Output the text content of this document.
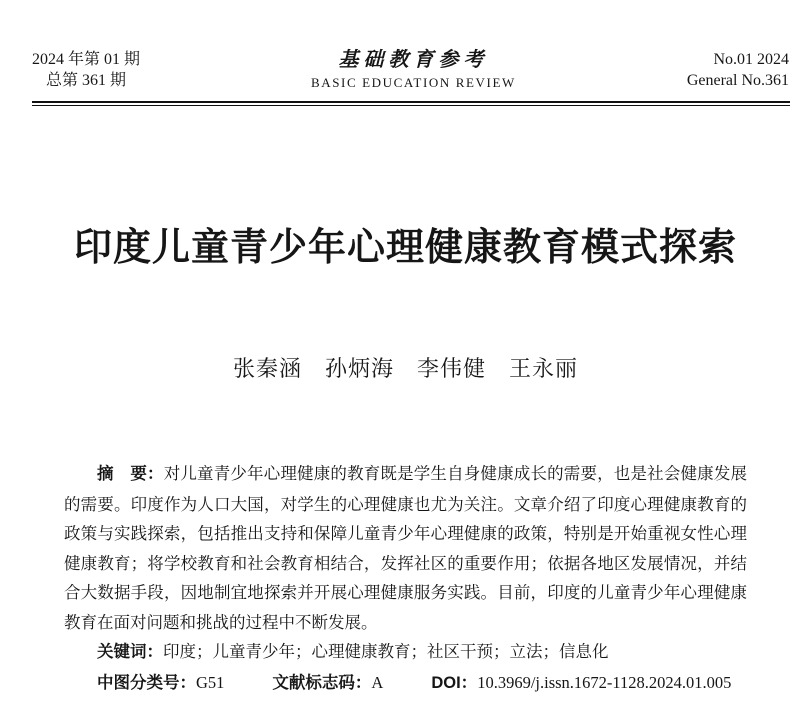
2024 年第 01 期
总第 361 期
基础教育参考
BASIC EDUCATION REVIEW
No.01 2024
General No.361
印度儿童青少年心理健康教育模式探索
张秦涵　孙炳海　李伟健　王永丽
摘　要：对儿童青少年心理健康的教育既是学生自身健康成长的需要，也是社会健康发展
的需要。印度作为人口大国，对学生的心理健康也尤为关注。文章介绍了印度心理健康教育的
政策与实践探索，包括推出支持和保障儿童青少年心理健康的政策，特别是开始重视女性心理
健康教育；将学校教育和社会教育相结合，发挥社区的重要作用；依据各地区发展情况，并结
合大数据手段，因地制宜地探索并开展心理健康服务实践。目前，印度的儿童青少年心理健康
教育在面对问题和挑战的过程中不断发展。
关键词：印度；儿童青少年；心理健康教育；社区干预；立法；信息化
中图分类号：G51	文献标志码：A	DOI：10.3969/j.issn.1672-1128.2024.01.005
